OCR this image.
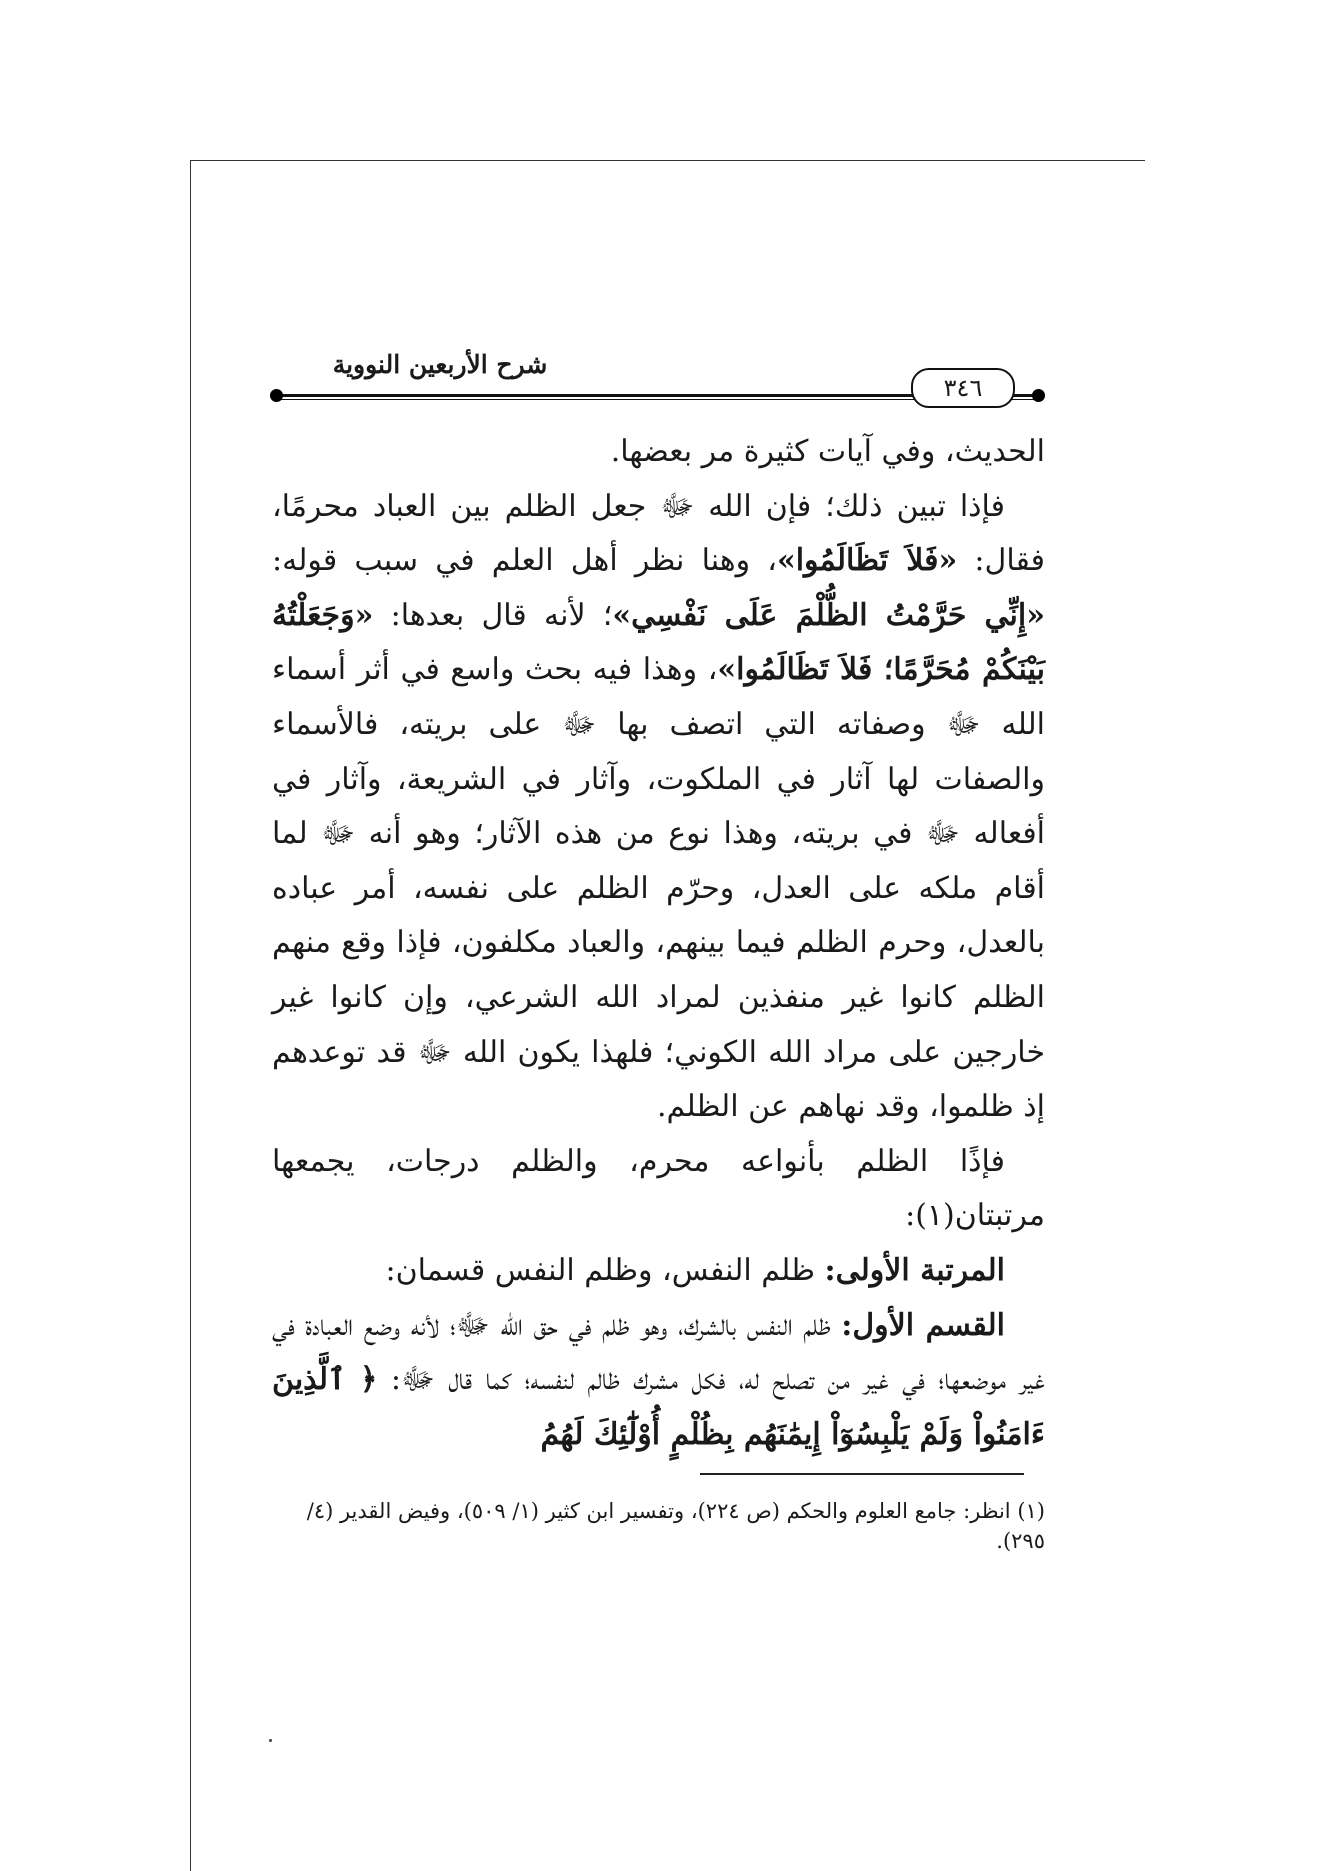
شرح الأربعين النووية
٣٤٦

الحديث، وفي آيات كثيرة مر بعضها.

فإذا تبين ذلك؛ فإن الله ﷻ جعل الظلم بين العباد محرمًا، فقال: «فَلاَ تَظَالَمُوا»، وهنا نظر أهل العلم في سبب قوله: «إِنِّي حَرَّمْتُ الظُّلْمَ عَلَى نَفْسِي»؛ لأنه قال بعدها: «وَجَعَلْتُهُ بَيْنَكُمْ مُحَرَّمًا؛ فَلاَ تَظَالَمُوا»، وهذا فيه بحث واسع في أثر أسماء الله ﷻ وصفاته التي اتصف بها ﷻ على بريته، فالأسماء والصفات لها آثار في الملكوت، وآثار في الشريعة، وآثار في أفعاله ﷻ في بريته، وهذا نوع من هذه الآثار؛ وهو أنه ﷻ لما أقام ملكه على العدل، وحرّم الظلم على نفسه، أمر عباده بالعدل، وحرم الظلم فيما بينهم، والعباد مكلفون، فإذا وقع منهم الظلم كانوا غير منفذين لمراد الله الشرعي، وإن كانوا غير خارجين على مراد الله الكوني؛ فلهذا يكون الله ﷻ قد توعدهم إذ ظلموا، وقد نهاهم عن الظلم.

فإذًا الظلم بأنواعه محرم، والظلم درجات، يجمعها مرتبتان(١):

المرتبة الأولى: ظلم النفس، وظلم النفس قسمان:

القسم الأول: ظلم النفس بالشرك، وهو ظلم في حق الله ﷻ؛ لأنه وضع العبادة في غير موضعها؛ في غير من تصلح له، فكل مشرك ظالم لنفسه؛ كما قال ﷻ: ﴿ ٱلَّذِينَ ءَامَنُواْ وَلَمْ يَلْبِسُوٓاْ إِيمَٰنَهُم بِظُلْمٍ أُوْلَٰٓئِكَ لَهُمُ

(١) انظر: جامع العلوم والحكم (ص ٢٢٤)، وتفسير ابن كثير (١/ ٥٠٩)، وفيض القدير (٤/ ٢٩٥).
